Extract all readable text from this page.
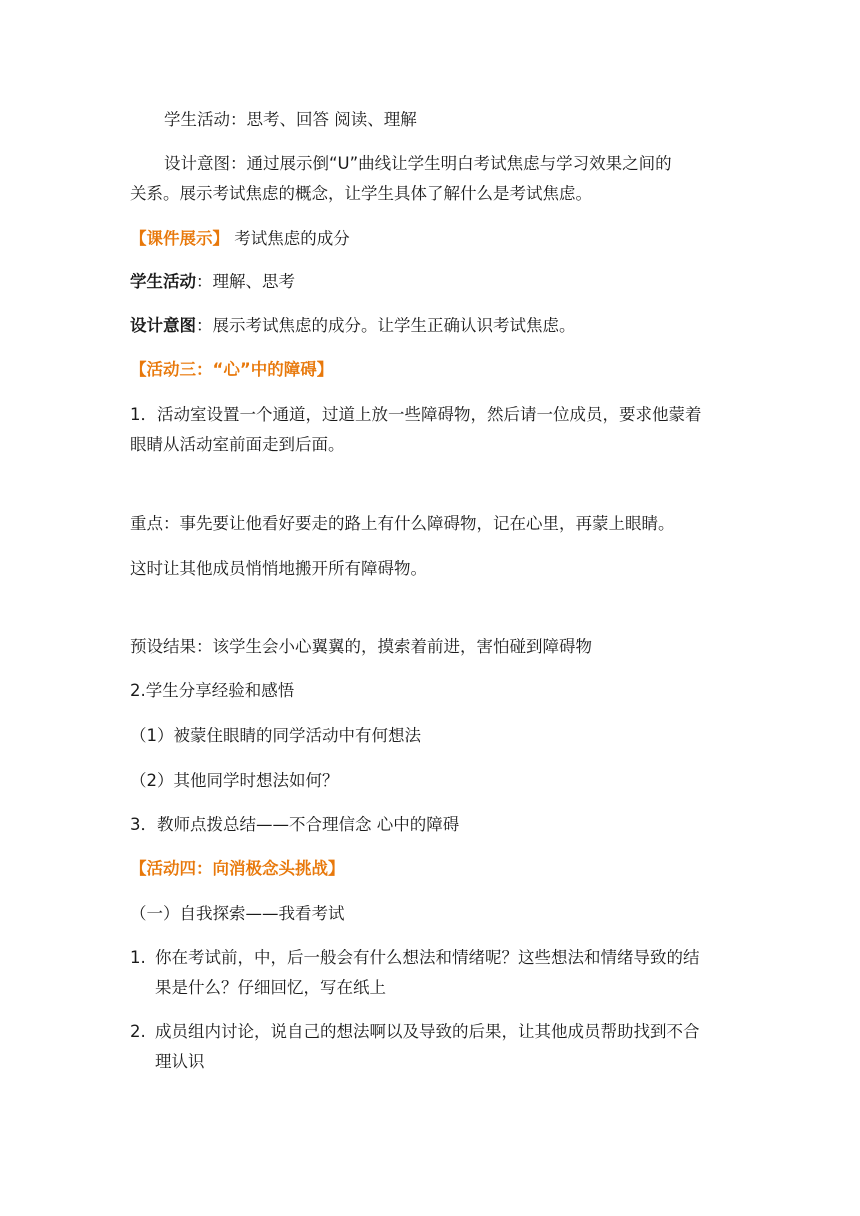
学生活动：思考、回答 阅读、理解
设计意图：通过展示倒“U”曲线让学生明白考试焦虑与学习效果之间的
关系。展示考试焦虑的概念，让学生具体了解什么是考试焦虑。
【课件展示】 考试焦虑的成分
学生活动：理解、思考
设计意图：展示考试焦虑的成分。让学生正确认识考试焦虑。
【活动三：“心”中的障碍】
1．活动室设置一个通道，过道上放一些障碍物，然后请一位成员，要求他蒙着
眼睛从活动室前面走到后面。
重点：事先要让他看好要走的路上有什么障碍物，记在心里，再蒙上眼睛。
这时让其他成员悄悄地搬开所有障碍物。
预设结果：该学生会小心翼翼的，摸索着前进，害怕碰到障碍物
2.学生分享经验和感悟
（1）被蒙住眼睛的同学活动中有何想法
（2）其他同学时想法如何？
3．教师点拨总结——不合理信念 心中的障碍
【活动四：向消极念头挑战】
（一）自我探索——我看考试
1. 你在考试前，中，后一般会有什么想法和情绪呢？这些想法和情绪导致的结
果是什么？仔细回忆，写在纸上
2. 成员组内讨论，说自己的想法啊以及导致的后果，让其他成员帮助找到不合
理认识
